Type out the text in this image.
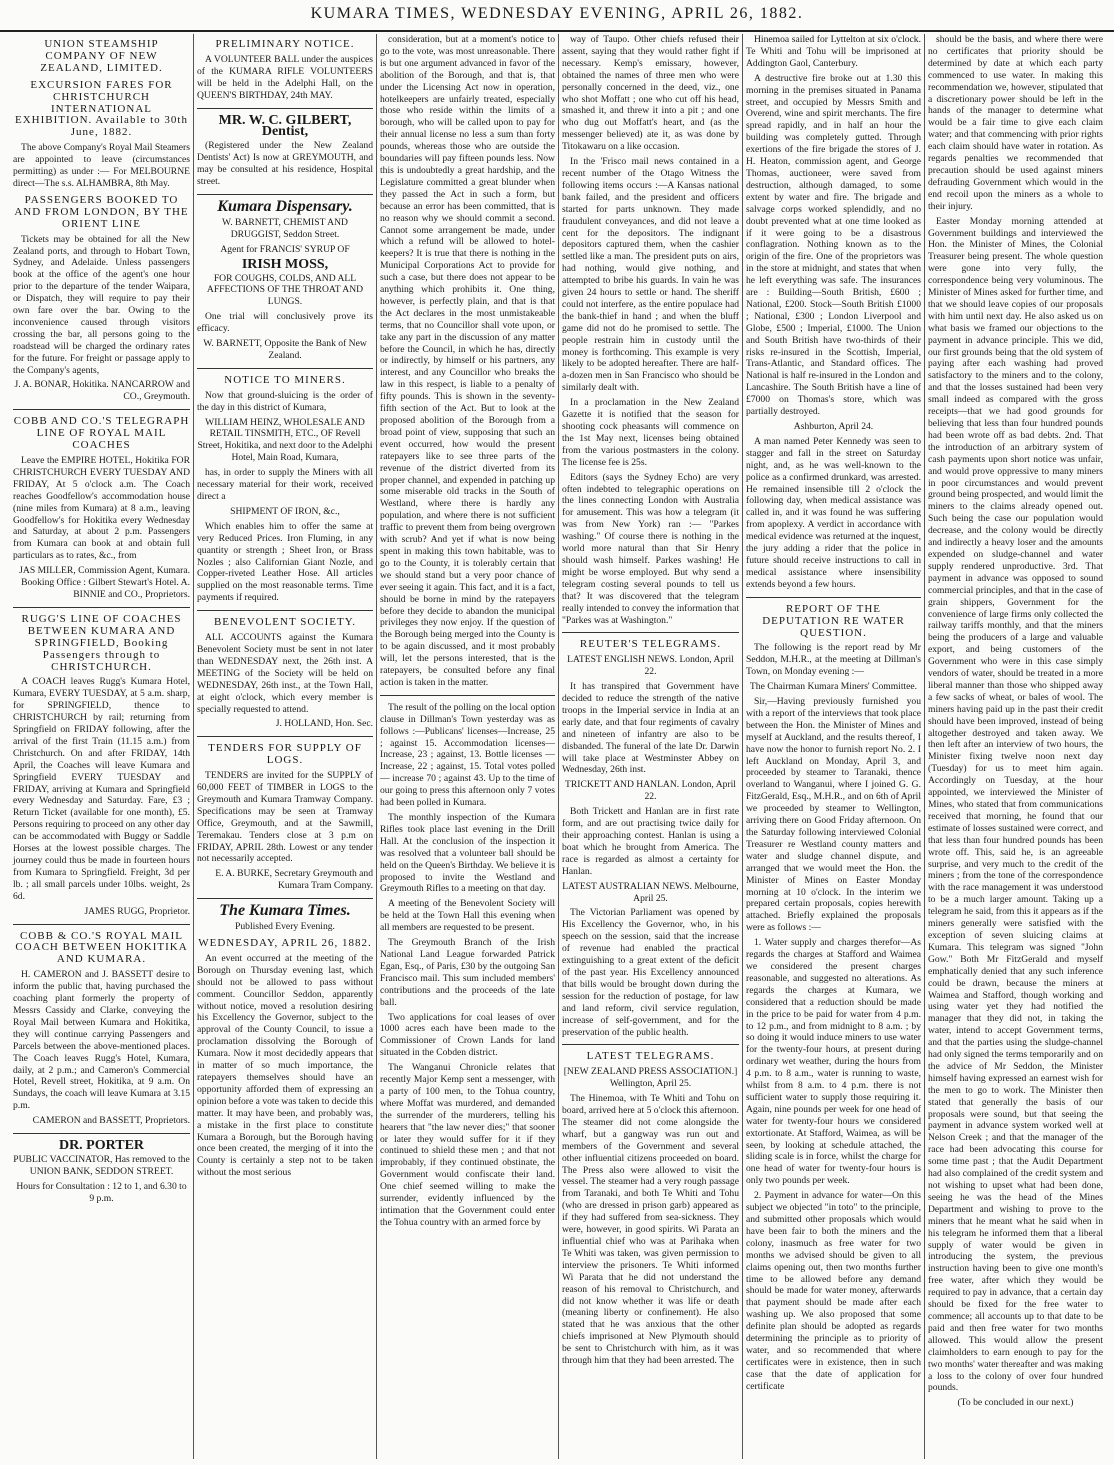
KUMARA TIMES, WEDNESDAY EVENING, APRIL 26, 1882.
UNION STEAMSHIP COMPANY OF NEW ZEALAND, LIMITED.
EXCURSION FARES FOR CHRISTCHURCH INTERNATIONAL EXHIBITION. Available to 30th June, 1882.

The above Company's Royal Mail Steamers are appointed to leave (circumstances permitting) as under :— For MELBOURNE direct—The s.s. ALHAMBRA, 8th May.

PASSENGERS BOOKED TO AND FROM LONDON, BY THE ORIENT LINE

Tickets may be obtained for all the New Zealand ports, and through to Hobart Town, Sydney, and Adelaide. Unless passengers book at the office of the agent's one hour prior to the departure of the tender Waipara, or Dispatch, they will require to pay their own fare over the bar. Owing to the inconvenience caused through visitors crossing the bar, all persons going to the roadstead will be charged the ordinary rates for the future. For freight or passage apply to the Company's agents,

J. A. BONAR, Hokitika. NANCARROW and CO., Greymouth.

COBB AND CO.'S TELEGRAPH LINE OF ROYAL MAIL COACHES

Leave the EMPIRE HOTEL, Hokitika FOR CHRISTCHURCH EVERY TUESDAY AND FRIDAY, At 5 o'clock a.m. The Coach reaches Goodfellow's accommodation house (nine miles from Kumara) at 8 a.m., leaving Goodfellow's for Hokitika every Wednesday and Saturday, at about 2 p.m. Passengers from Kumara can book at and obtain full particulars as to rates, &c., from

JAS MILLER, Commission Agent, Kumara. Booking Office : Gilbert Stewart's Hotel. A. BINNIE and CO., Proprietors.

RUGG'S LINE OF COACHES BETWEEN KUMARA AND SPRINGFIELD, Booking Passengers through to CHRISTCHURCH.

A COACH leaves Rugg's Kumara Hotel, Kumara, EVERY TUESDAY, at 5 a.m. sharp, for SPRINGFIELD, thence to CHRISTCHURCH by rail; returning from Springfield on FRIDAY following, after the arrival of the first Train (11.15 a.m.) from Christchurch. On and after FRIDAY, 14th April, the Coaches will leave Kumara and Springfield EVERY TUESDAY and FRIDAY, arriving at Kumara and Springfield every Wednesday and Saturday. Fare, £3 ; Return Ticket (available for one month), £5. Persons requiring to proceed on any other day can be accommodated with Buggy or Saddle Horses at the lowest possible charges. The journey could thus be made in fourteen hours from Kumara to Springfield. Freight, 3d per lb. ; all small parcels under 10lbs. weight, 2s 6d.

JAMES RUGG, Proprietor.

COBB & CO.'S ROYAL MAIL COACH BETWEEN HOKITIKA AND KUMARA.

H. CAMERON and J. BASSETT desire to inform the public that, having purchased the coaching plant formerly the property of Messrs Cassidy and Clarke, conveying the Royal Mail between Kumara and Hokitika, they will continue carrying Passengers and Parcels between the above-mentioned places. The Coach leaves Rugg's Hotel, Kumara, daily, at 2 p.m.; and Cameron's Commercial Hotel, Revell street, Hokitika, at 9 a.m. On Sundays, the coach will leave Kumara at 3.15 p.m.

CAMERON and BASSETT, Proprietors.

DR. PORTER

PUBLIC VACCINATOR, Has removed to the UNION BANK, SEDDON STREET.

Hours for Consultation : 12 to 1, and 6.30 to 9 p.m.

PRELIMINARY NOTICE.

A VOLUNTEER BALL under the auspices of the KUMARA RIFLE VOLUNTEERS will be held in the Adelphi Hall, on the QUEEN'S BIRTHDAY, 24th MAY.

MR. W. C. GILBERT, Dentist,

(Registered under the New Zealand Dentists' Act) Is now at GREYMOUTH, and may be consulted at his residence, Hospital street.

Kumara Dispensary.

W. BARNETT, CHEMIST AND DRUGGIST, Seddon Street.

Agent for FRANCIS' SYRUP OF

IRISH MOSS,

FOR COUGHS, COLDS, AND ALL AFFECTIONS OF THE THROAT AND LUNGS.

One trial will conclusively prove its efficacy.

W. BARNETT, Opposite the Bank of New Zealand.

NOTICE TO MINERS.

Now that ground-sluicing is the order of the day in this district of Kumara,

WILLIAM HEINZ, WHOLESALE AND RETAIL TINSMITH, ETC., OF Revell Street, Hokitika, and next door to the Adelphi Hotel, Main Road, Kumara,

has, in order to supply the Miners with all necessary material for their work, received direct a

SHIPMENT OF IRON, &c.,

Which enables him to offer the same at very Reduced Prices. Iron Fluming, in any quantity or strength ; Sheet Iron, or Brass Nozles ; also Californian Giant Nozle, and Copper-riveted Leather Hose. All articles supplied on the most reasonable terms. Time payments if required.

BENEVOLENT SOCIETY.

ALL ACCOUNTS against the Kumara Benevolent Society must be sent in not later than WEDNESDAY next, the 26th inst. A MEETING of the Society will be held on WEDNESDAY, 26th inst., at the Town Hall, at eight o'clock, which every member is specially requested to attend.

J. HOLLAND, Hon. Sec.

TENDERS FOR SUPPLY OF LOGS.

TENDERS are invited for the SUPPLY of 60,000 FEET of TIMBER in LOGS to the Greymouth and Kumara Tramway Company. Specifications may be seen at Tramway Office, Greymouth, and at the Sawmill, Teremakau. Tenders close at 3 p.m on FRIDAY, APRIL 28th. Lowest or any tender not necessarily accepted.

E. A. BURKE, Secretary Greymouth and Kumara Tram Company.

The Kumara Times.

Published Every Evening.

WEDNESDAY, APRIL 26, 1882.

An event occurred at the meeting of the Borough on Thursday evening last, which should not be allowed to pass without comment. Councillor Seddon, apparently without notice, moved a resolution desiring his Excellency the Governor, subject to the approval of the County Council, to issue a proclamation dissolving the Borough of Kumara. Now it most decidedly appears that in matter of so much importance, the ratepayers themselves should have an opportunity afforded them of expressing an opinion before a vote was taken to decide this matter. It may have been, and probably was, a mistake in the first place to constitute Kumara a Borough, but the Borough having once been created, the merging of it into the County is certainly a step not to be taken without the most serious

consideration, but at a moment's notice to go to the vote, was most unreasonable. There is but one argument advanced in favor of the abolition of the Borough, and that is, that under the Licensing Act now in operation, hotelkeepers are unfairly treated, especially those who reside within the limits of a borough, who will be called upon to pay for their annual license no less a sum than forty pounds, whereas those who are outside the boundaries will pay fifteen pounds less. Now this is undoubtedly a great hardship, and the Legislature committed a great blunder when they passed the Act in such a form, but because an error has been committed, that is no reason why we should commit a second. Cannot some arrangement be made, under which a refund will be allowed to hotel-keepers? It is true that there is nothing in the Municipal Corporations Act to provide for such a case, but there does not appear to be anything which prohibits it. One thing, however, is perfectly plain, and that is that the Act declares in the most unmistakeable terms, that no Councillor shall vote upon, or take any part in the discussion of any matter before the Council, in which he has, directly or indirectly, by himself or his partners, any interest, and any Councillor who breaks the law in this respect, is liable to a penalty of fifty pounds. This is shown in the seventy-fifth section of the Act. But to look at the proposed abolition of the Borough from a broad point of view, supposing that such an event occurred, how would the present ratepayers like to see three parts of the revenue of the district diverted from its proper channel, and expended in patching up some miserable old tracks in the South of Westland, where there is hardly any population, and where there is not sufficient traffic to prevent them from being overgrown with scrub? And yet if what is now being spent in making this town habitable, was to go to the County, it is tolerably certain that we should stand but a very poor chance of ever seeing it again. This fact, and it is a fact, should be borne in mind by the ratepayers before they decide to abandon the municipal privileges they now enjoy. If the question of the Borough being merged into the County is to be again discussed, and it most probably will, let the persons interested, that is the ratepayers, be consulted before any final action is taken in the matter.

The result of the polling on the local option clause in Dillman's Town yesterday was as follows :—Publicans' licenses—Increase, 25 ; against 15. Accommodation licenses—Increase, 23 ; against, 13. Bottle licenses — Increase, 22 ; against, 15. Total votes polled — increase 70 ; against 43. Up to the time of our going to press this afternoon only 7 votes had been polled in Kumara.

The monthly inspection of the Kumara Rifles took place last evening in the Drill Hall. At the conclusion of the inspection it was resolved that a volunteer ball should be held on the Queen's Birthday. We believe it is proposed to invite the Westland and Greymouth Rifles to a meeting on that day.

A meeting of the Benevolent Society will be held at the Town Hall this evening when all members are requested to be present.

The Greymouth Branch of the Irish National Land League forwarded Patrick Egan, Esq., of Paris, £30 by the outgoing San Francisco mail. This sum included members' contributions and the proceeds of the late ball.

Two applications for coal leases of over 1000 acres each have been made to the Commissioner of Crown Lands for land situated in the Cobden district.

The Wanganui Chronicle relates that recently Major Kemp sent a messenger, with a party of 100 men, to the Tohua country, where Moffat was murdered, and demanded the surrender of the murderers, telling his hearers that "the law never dies;" that sooner or later they would suffer for it if they continued to shield these men ; and that not improbably, if they continued obstinate, the Government would confiscate their land. One chief seemed willing to make the surrender, evidently influenced by the intimation that the Government could enter the Tohua country with an armed force by

way of Taupo. Other chiefs refused their assent, saying that they would rather fight if necessary. Kemp's emissary, however, obtained the names of three men who were personally concerned in the deed, viz., one who shot Moffatt ; one who cut off his head, smashed it, and threw it into a pit ; and one who dug out Moffatt's heart, and (as the messenger believed) ate it, as was done by Titokawaru on a like occasion.

In the 'Frisco mail news contained in a recent number of the Otago Witness the following items occurs :—A Kansas national bank failed, and the president and officers started for parts unknown. They made fraudulent conveyances, and did not leave a cent for the depositors. The indignant depositors captured them, when the cashier settled like a man. The president puts on airs, had nothing, would give nothing, and attempted to bribe his guards. In vain he was given 24 hours to settle or hand. The sheriff could not interfere, as the entire populace had the bank-thief in hand ; and when the bluff game did not do he promised to settle. The people restrain him in custody until the money is forthcoming. This example is very likely to be adopted hereafter. There are half-a-dozen men in San Francisco who should be similarly dealt with.

In a proclamation in the New Zealand Gazette it is notified that the season for shooting cock pheasants will commence on the 1st May next, licenses being obtained from the various postmasters in the colony. The license fee is 25s.

Editors (says the Sydney Echo) are very often indebted to telegraphic operations on the lines connecting London with Australia for amusement. This was how a telegram (it was from New York) ran :— "Parkes washing." Of course there is nothing in the world more natural than that Sir Henry should wash himself. Parkes washing! He might be worse employed. But why send a telegram costing several pounds to tell us that? It was discovered that the telegram really intended to convey the information that "Parkes was at Washington."

REUTER'S TELEGRAMS.

LATEST ENGLISH NEWS. London, April 22.

It has transpired that Government have decided to reduce the strength of the native troops in the Imperial service in India at an early date, and that four regiments of cavalry and nineteen of infantry are also to be disbanded. The funeral of the late Dr. Darwin will take place at Westminster Abbey on Wednesday, 26th inst.

TRICKETT AND HANLAN. London, April 22.

Both Trickett and Hanlan are in first rate form, and are out practising twice daily for their approaching contest. Hanlan is using a boat which he brought from America. The race is regarded as almost a certainty for Hanlan.

LATEST AUSTRALIAN NEWS. Melbourne, April 25.

The Victorian Parliament was opened by His Excellency the Governor, who, in his speech on the session, said that the increase of revenue had enabled the practical extinguishing to a great extent of the deficit of the past year. His Excellency announced that bills would be brought down during the session for the reduction of postage, for law and land reform, civil service regulation, increase of self-government, and for the preservation of the public health.

LATEST TELEGRAMS.

[NEW ZEALAND PRESS ASSOCIATION.] Wellington, April 25.

The Hinemoa, with Te Whiti and Tohu on board, arrived here at 5 o'clock this afternoon. The steamer did not come alongside the wharf, but a gangway was run out and members of the Government and several other influential citizens proceeded on board. The Press also were allowed to visit the vessel. The steamer had a very rough passage from Taranaki, and both Te Whiti and Tohu (who are dressed in prison garb) appeared as if they had suffered from sea-sickness. They were, however, in good spirits. Wi Parata an influential chief who was at Parihaka when Te Whiti was taken, was given permission to interview the prisoners. Te Whiti informed Wi Parata that he did not understand the reason of his removal to Christchurch, and did not know whether it was life or death (meaning liberty or confinement). He also stated that he was anxious that the other chiefs imprisoned at New Plymouth should be sent to Christchurch with him, as it was through him that they had been arrested. The

Hinemoa sailed for Lyttelton at six o'clock. Te Whiti and Tohu will be imprisoned at Addington Gaol, Canterbury.

A destructive fire broke out at 1.30 this morning in the premises situated in Panama street, and occupied by Messrs Smith and Overend, wine and spirit merchants. The fire spread rapidly, and in half an hour the building was completely gutted. Through exertions of the fire brigade the stores of J. H. Heaton, commission agent, and George Thomas, auctioneer, were saved from destruction, although damaged, to some extent by water and fire. The brigade and salvage corps worked splendidly, and no doubt prevented what at one time looked as if it were going to be a disastrous conflagration. Nothing known as to the origin of the fire. One of the proprietors was in the store at midnight, and states that when he left everything was safe. The insurances are : Building—South British, £600 ; National, £200. Stock—South British £1000 ; National, £300 ; London Liverpool and Globe, £500 ; Imperial, £1000. The Union and South British have two-thirds of their risks re-insured in the Scottish, Imperial, Trans-Atlantic, and Standard offices. The National is half re-insured in the London and Lancashire. The South British have a line of £7000 on Thomas's store, which was partially destroyed.

Ashburton, April 24.

A man named Peter Kennedy was seen to stagger and fall in the street on Saturday night, and, as he was well-known to the police as a confirmed drunkard, was arrested. He remained insensible till 2 o'clock the following day, when medical assistance was called in, and it was found he was suffering from apoplexy. A verdict in accordance with medical evidence was returned at the inquest, the jury adding a rider that the police in future should receive instructions to call in medical assistance where insensibility extends beyond a few hours.

REPORT OF THE DEPUTATION RE WATER QUESTION.

The following is the report read by Mr Seddon, M.H.R., at the meeting at Dillman's Town, on Monday evening :—

The Chairman Kumara Miners' Committee.

Sir,—Having previously furnished you with a report of the interviews that took place between the Hon. the Minister of Mines and myself at Auckland, and the results thereof, I have now the honor to furnish report No. 2. I left Auckland on Monday, April 3, and proceeded by steamer to Taranaki, thence overland to Wanganui, where I joined G. G. FitzGerald, Esq., M.H.R., and on 6th of April we proceeded by steamer to Wellington, arriving there on Good Friday afternoon. On the Saturday following interviewed Colonial Treasurer re Westland county matters and water and sludge channel dispute, and arranged that we would meet the Hon. the Minister of Mines on Easter Monday morning at 10 o'clock. In the interim we prepared certain proposals, copies herewith attached. Briefly explained the proposals were as follows :—

1. Water supply and charges therefor—As regards the charges at Stafford and Waimea we considered the present charges reasonable, and suggested no alterations. As regards the charges at Kumara, we considered that a reduction should be made in the price to be paid for water from 4 p.m. to 12 p.m., and from midnight to 8 a.m. ; by so doing it would induce miners to use water for the twenty-four hours, at present during ordinary wet weather, during the hours from 4 p.m. to 8 a.m., water is running to waste, whilst from 8 a.m. to 4 p.m. there is not sufficient water to supply those requiring it. Again, nine pounds per week for one head of water for twenty-four hours we considered extortionate. At Stafford, Waimea, as will be seen, by looking at schedule attached, the sliding scale is in force, whilst the charge for one head of water for twenty-four hours is only two pounds per week.

2. Payment in advance for water—On this subject we objected "in toto" to the principle, and submitted other proposals which would have been fair to both the miners and the colony, inasmuch as free water for two months we advised should be given to all claims opening out, then two months further time to be allowed before any demand should be made for water money, afterwards that payment should be made after each washing up. We also proposed that some definite plan should be adopted as regards determining the principle as to priority of water, and so recommended that where certificates were in existence, then in such case that the date of application for certificate

should be the basis, and where there were no certificates that priority should be determined by date at which each party commenced to use water. In making this recommendation we, however, stipulated that a discretionary power should be left in the hands of the manager to determine what would be a fair time to give each claim water; and that commencing with prior rights each claim should have water in rotation. As regards penalties we recommended that precaution should be used against miners defrauding Government which would in the end recoil upon the miners as a whole to their injury.

Easter Monday morning attended at Government buildings and interviewed the Hon. the Minister of Mines, the Colonial Treasurer being present. The whole question were gone into very fully, the correspondence being very voluminous. The Minister of Mines asked for further time, and that we should leave copies of our proposals with him until next day. He also asked us on what basis we framed our objections to the payment in advance principle. This we did, our first grounds being that the old system of paying after each washing had proved satisfactory to the miners and to the colony, and that the losses sustained had been very small indeed as compared with the gross receipts—that we had good grounds for believing that less than four hundred pounds had been wrote off as bad debts. 2nd. That the introduction of an arbitrary system of cash payments upon short notice was unfair, and would prove oppressive to many miners in poor circumstances and would prevent ground being prospected, and would limit the miners to the claims already opened out. Such being the case our population would decrease, and the colony would be directly and indirectly a heavy loser and the amounts expended on sludge-channel and water supply rendered unproductive. 3rd. That payment in advance was opposed to sound commercial principles, and that in the case of grain shippers, Government for the convenience of large firms only collected the railway tariffs monthly, and that the miners being the producers of a large and valuable export, and being customers of the Government who were in this case simply vendors of water, should be treated in a more liberal manner than those who shipped away a few sacks of wheat, or bales of wool. The miners having paid up in the past their credit should have been improved, instead of being altogether destroyed and taken away. We then left after an interview of two hours, the Minister fixing twelve noon next day (Tuesday) for us to meet him again. Accordingly on Tuesday, at the hour appointed, we interviewed the Minister of Mines, who stated that from communications received that morning, he found that our estimate of losses sustained were correct, and that less than four hundred pounds has been wrote off. This, said he, is an agreeable surprise, and very much to the credit of the miners ; from the tone of the correspondence with the race management it was understood to be a much larger amount. Taking up a telegram he said, from this it appears as if the miners generally were satisfied with the exception of seven sluicing claims at Kumara. This telegram was signed "John Gow." Both Mr FitzGerald and myself emphatically denied that any such inference could be drawn, because the miners at Waimea and Stafford, though working and using water yet they had notified the manager that they did not, in taking the water, intend to accept Government terms, and that the parties using the sludge-channel had only signed the terms temporarily and on the advice of Mr Seddon, the Minister himself having expressed an earnest wish for the men to go to work. The Minister then stated that generally the basis of our proposals were sound, but that seeing the payment in advance system worked well at Nelson Creek ; and that the manager of the race had been advocating this course for some time past ; that the Audit Department had also complained of the credit system and not wishing to upset what had been done, seeing he was the head of the Mines Department and wishing to prove to the miners that he meant what he said when in his telegram he informed them that a liberal supply of water would be given in introducing the system, the previous instruction having been to give one month's free water, after which they would be required to pay in advance, that a certain day should be fixed for the free water to commence; all accounts up to that date to be paid and then free water for two months allowed. This would allow the present claimholders to earn enough to pay for the two months' water thereafter and was making a loss to the colony of over four hundred pounds.

(To be concluded in our next.)
